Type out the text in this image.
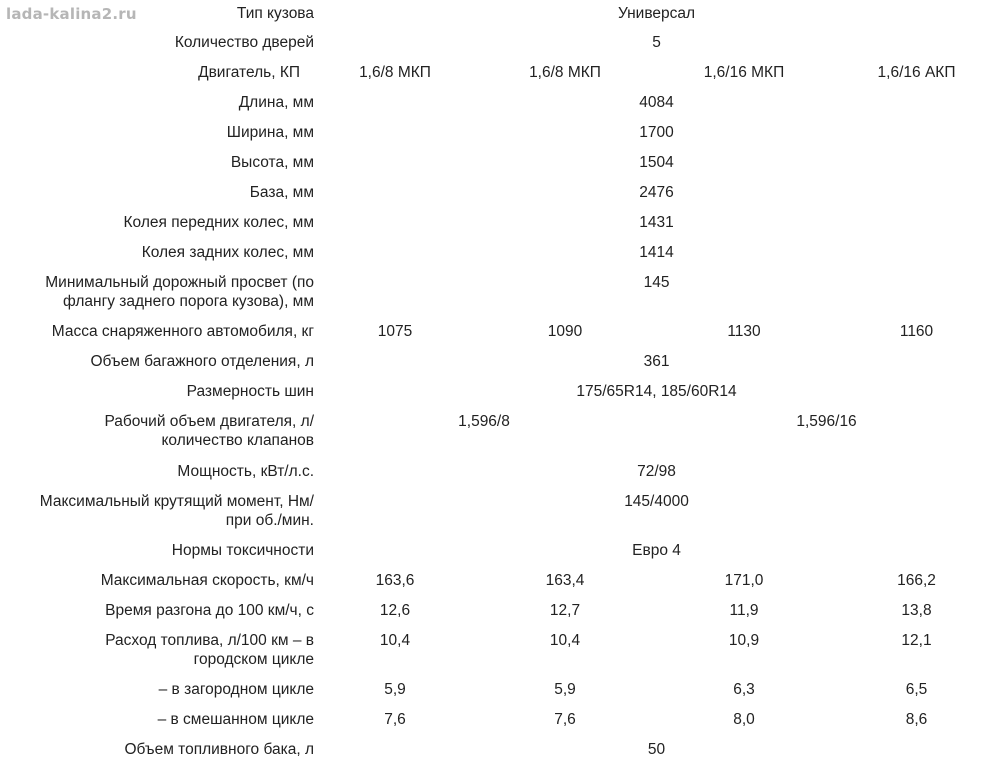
Тип кузова	Универсал			
Количество дверей	5			
Двигатель, КП	1,6/8 МКП	1,6/8 МКП	1,6/16 МКП	1,6/16 АКП
Длина, мм	4084			
Ширина, мм	1700			
Высота, мм	1504			
База, мм	2476			
Колея передних колес, мм	1431			
Колея задних колес, мм	1414			

Минимальный дорожный просвет (по
флангу заднего порога кузова), мм	145			
Масса снаряженного автомобиля, кг	1075	1090	1130	1160
Объем багажного отделения, л	361			
Размерность шин	175/65R14, 185/60R14			

Рабочий объем двигателя, л/
количество клапанов	1,596/8		1,596/16	
Мощность, кВт/л.с.	72/98			

Максимальный крутящий момент, Нм/
при об./мин.	145/4000			
Нормы токсичности	Евро 4			
Максимальная скорость, км/ч	163,6	163,4	171,0	166,2
Время разгона до 100 км/ч, с	12,6	12,7	11,9	13,8

Расход топлива, л/100 км – в
городском цикле	10,4	10,4	10,9	12,1
– в загородном цикле	5,9	5,9	6,3	6,5
– в смешанном цикле	7,6	7,6	8,0	8,6
Объем топливного бака, л	50			
lada-kalina2.ru
